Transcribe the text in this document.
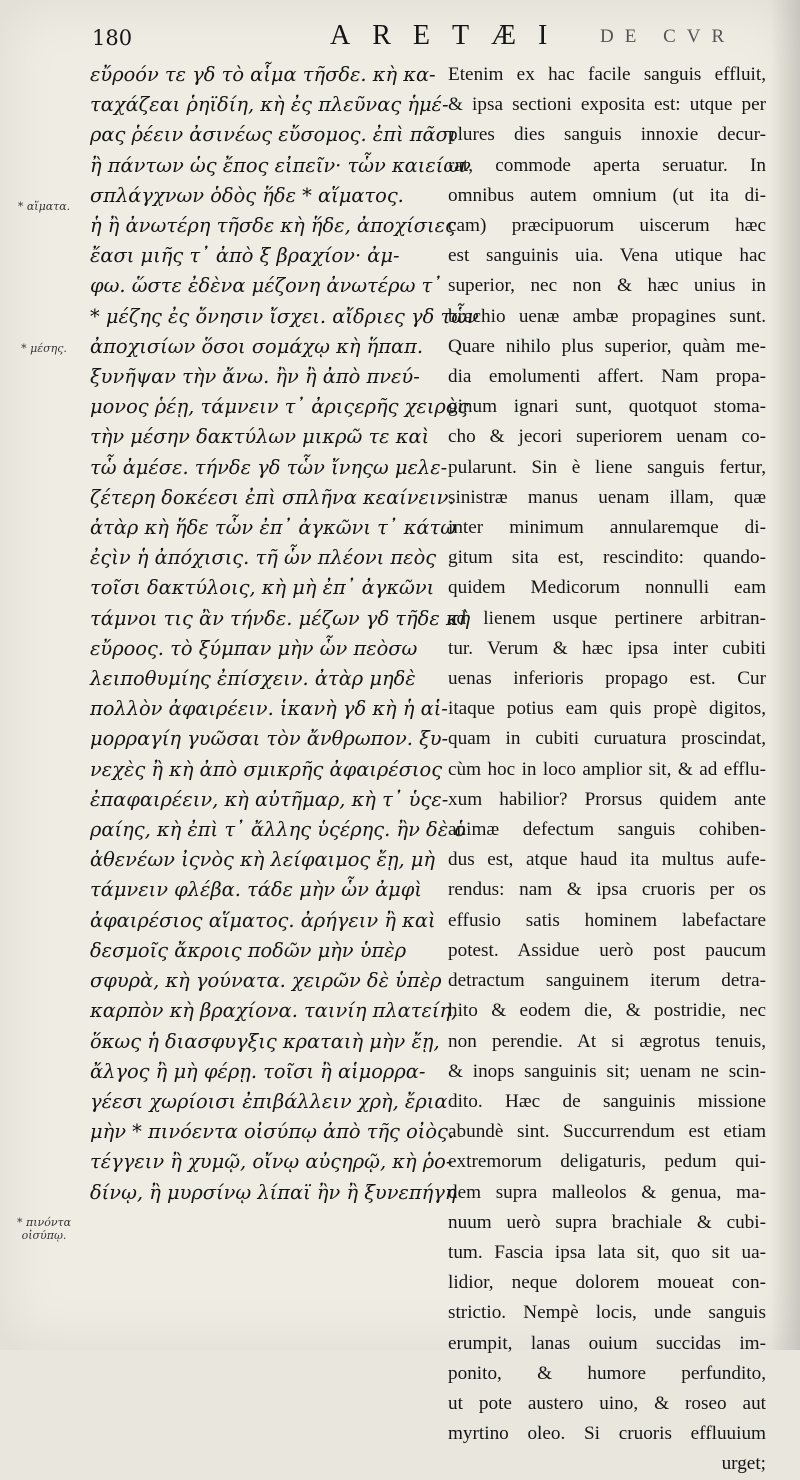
180	ARETÆI DE CVR
* αἵματα.
* μέσης.
* πινόντα οἰσύπῳ.
εὔροόν τε γδ τὸ αἷμα τῆσδε. κὴ κα-
ταχάζεαι ῥηϊδίη, κὴ ἐς πλεῦνας ἡμέ-
ρας ῥέειν ἀσινέως εὔσομος. ἐπὶ πᾶσι
ἢ πάντων ὡς ἔπος εἰπεῖν· τὧν καιείων
σπλάγχνων ὁδὸς ἥδε * αἵματος.
ἡ ἢ ἀνωτέρη τῆσδε κὴ ἥδε, ἀποχίσιες
ἔασι μιῆς τ᾿ ἀπὸ ξ βραχίον· ἀμ-
φω. ὥστε ἐδὲνα μέζονη ἀνωτέρω τ᾿
* μέζης ἐς ὄνησιν ἴσχει. αἴδριες γδ τὧν
ἀποχισίων ὅσοι σομάχῳ κὴ ἥπαπ.
ξυνῆψαν τὴν ἄνω. ἢν ἢ ἀπὸ πνεύ-
μονος ῥέῃ, τάμνειν τ᾿ ἀριςερῆς χειρὸς
τὴν μέσην δακτύλων μικρῶ τε καὶ
τὧ ἀμέσε. τήνδε γδ τὧν ἴνηςω μελε-
ζέτερη δοκέεσι ἐπὶ σπλῆνα κεαίνειν.
ἀτὰρ κὴ ἥδε τὧν ἐπ᾿ ἀγκῶνι τ᾿ κάτω
ἐςὶν ἡ ἀπόχισις. τῆ ὧν πλέονι πεὸς
τοῖσι δακτύλοις, κὴ μὴ ἐπ᾿ ἀγκῶνι
τάμνοι τις ἂν τήνδε. μέζων γδ τῆδε κὴ
εὔροος. τὸ ξύμπαν μὴν ὧν πεὸσω
λειποθυμίης ἐπίσχειν. ἀτὰρ μηδὲ
πολλὸν ἀφαιρέειν. ἱκανὴ γδ κὴ ἡ αἱ-
μορραγίη γυῶσαι τὸν ἄνθρωπον. ξυ-
νεχὲς ἢ κὴ ἀπὸ σμικρῆς ἀφαιρέσιος
ἐπαφαιρέειν, κὴ αὐτῆμαρ, κὴ τ᾿ ὑςε-
ραίης, κὴ ἐπὶ τ᾿ ἄλλης ὑςέρης. ἢν δὲ ὁ
ἀθενέων ἰςνὸς κὴ λείφαιμος ἔῃ, μὴ
τάμνειν φλέβα. τάδε μὴν ὧν ἀμφὶ
ἀφαιρέσιος αἵματος. ἀρήγειν ἢ καὶ
δεσμοῖς ἄκροις ποδῶν μὴν ὑπὲρ
σφυρὰ, κὴ γούνατα. χειρῶν δὲ ὑπὲρ
καρπὸν κὴ βραχίονα. ταινίη πλατείη,
ὅκως ἡ διασφυγξις κραταιὴ μὴν ἔῃ,
ἄλγος ἢ μὴ φέρῃ. τοῖσι ἢ αἱμορρα-
γέεσι χωρίοισι ἐπιβάλλειν χρὴ, ἔρια
μὴν * πινόεντα οἰσύπῳ ἀπὸ τῆς οἰὸς.
τέγγειν ἢ χυμῷ, οἴνῳ αὐςηρῷ, κὴ ῥο-
δίνῳ, ἢ μυρσίνῳ λίπαϊ ἢν ἢ ξυνεπήγη
Etenim ex hac facile sanguis effluit,
& ipsa sectioni exposita est: utque per
plures dies sanguis innoxie decur-
rat, commode aperta seruatur. In
omnibus autem omnium (ut ita di-
cam) præcipuorum uiscerum hæc
est sanguinis uia. Vena utique hac
superior, nec non & hæc unius in
brachio uenæ ambæ propagines sunt.
Quare nihilo plus superior, quàm me-
dia emolumenti affert. Nam propa-
ginum ignari sunt, quotquot stoma-
cho & jecori superiorem uenam co-
pularunt. Sin è liene sanguis fertur,
sinistræ manus uenam illam, quæ
inter minimum annularemque di-
gitum sita est, rescindito: quando-
quidem Medicorum nonnulli eam
ad lienem usque pertinere arbitran-
tur. Verum & hæc ipsa inter cubiti
uenas inferioris propago est. Cur
itaque potius eam quis propè digitos,
quam in cubiti curuatura proscindat,
cùm hoc in loco amplior sit, & ad efflu-
xum habilior? Prorsus quidem ante
animæ defectum sanguis cohiben-
dus est, atque haud ita multus aufe-
rendus: nam & ipsa cruoris per os
effusio satis hominem labefactare
potest. Assidue uerò post paucum
detractum sanguinem iterum detra-
hito & eodem die, & postridie, nec
non perendie. At si ægrotus tenuis,
& inops sanguinis sit; uenam ne scin-
dito. Hæc de sanguinis missione
abundè sint. Succurrendum est etiam
extremorum deligaturis, pedum qui-
dem supra malleolos & genua, ma-
nuum uerò supra brachiale & cubi-
tum. Fascia ipsa lata sit, quo sit ua-
lidior, neque dolorem moueat con-
strictio. Nempè locis, unde sanguis
erumpit, lanas ouium succidas im-
ponito, & humore perfundito,
ut pote austero uino, & roseo aut
myrtino oleo. Si cruoris effluuium
urget;
